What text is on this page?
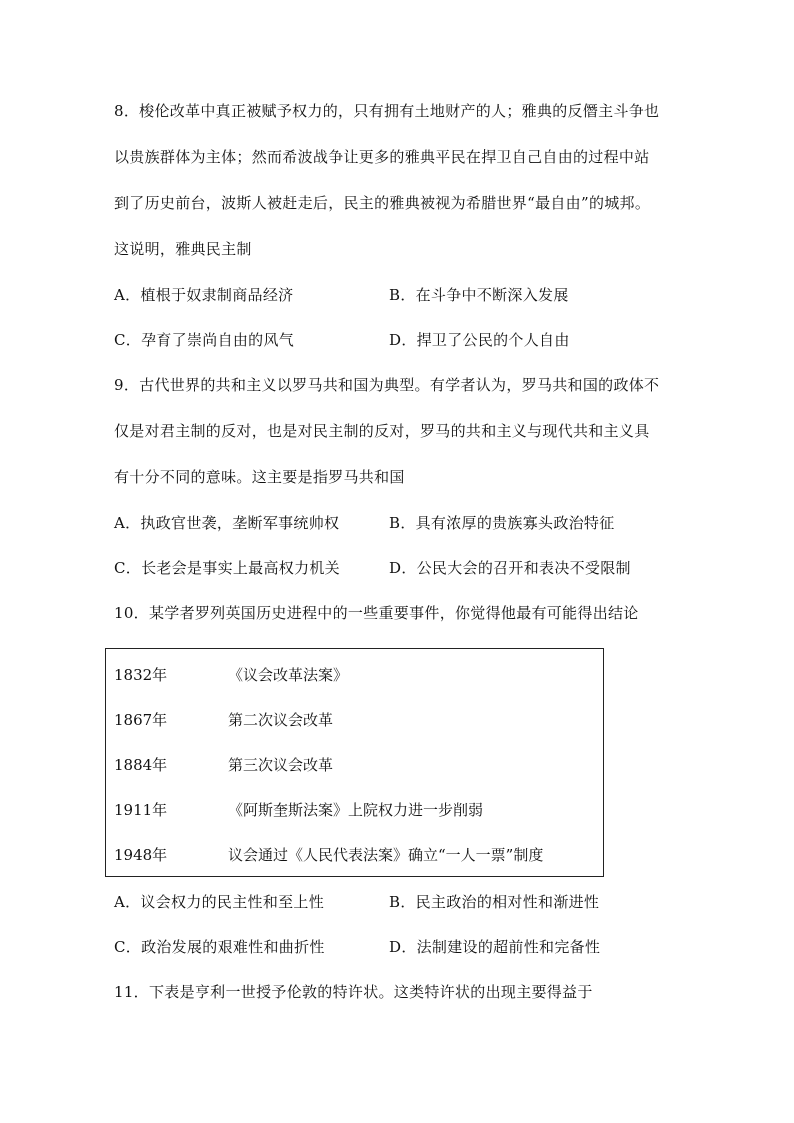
8．梭伦改革中真正被赋予权力的，只有拥有土地财产的人；雅典的反僭主斗争也
以贵族群体为主体；然而希波战争让更多的雅典平民在捍卫自己自由的过程中站
到了历史前台，波斯人被赶走后，民主的雅典被视为希腊世界“最自由”的城邦。
这说明，雅典民主制
A．植根于奴隶制商品经济	B．在斗争中不断深入发展
C．孕育了崇尚自由的风气	D．捍卫了公民的个人自由
9．古代世界的共和主义以罗马共和国为典型。有学者认为，罗马共和国的政体不
仅是对君主制的反对，也是对民主制的反对，罗马的共和主义与现代共和主义具
有十分不同的意味。这主要是指罗马共和国
A．执政官世袭，垄断军事统帅权	B．具有浓厚的贵族寡头政治特征
C．长老会是事实上最高权力机关	D．公民大会的召开和表决不受限制
10．某学者罗列英国历史进程中的一些重要事件，你觉得他最有可能得出结论
1832年	《议会改革法案》
1867年	第二次议会改革
1884年	第三次议会改革
1911年	《阿斯奎斯法案》上院权力进一步削弱
1948年	议会通过《人民代表法案》确立“一人一票”制度
A．议会权力的民主性和至上性	B．民主政治的相对性和渐进性
C．政治发展的艰难性和曲折性	D．法制建设的超前性和完备性
11．下表是亨利一世授予伦敦的特许状。这类特许状的出现主要得益于
